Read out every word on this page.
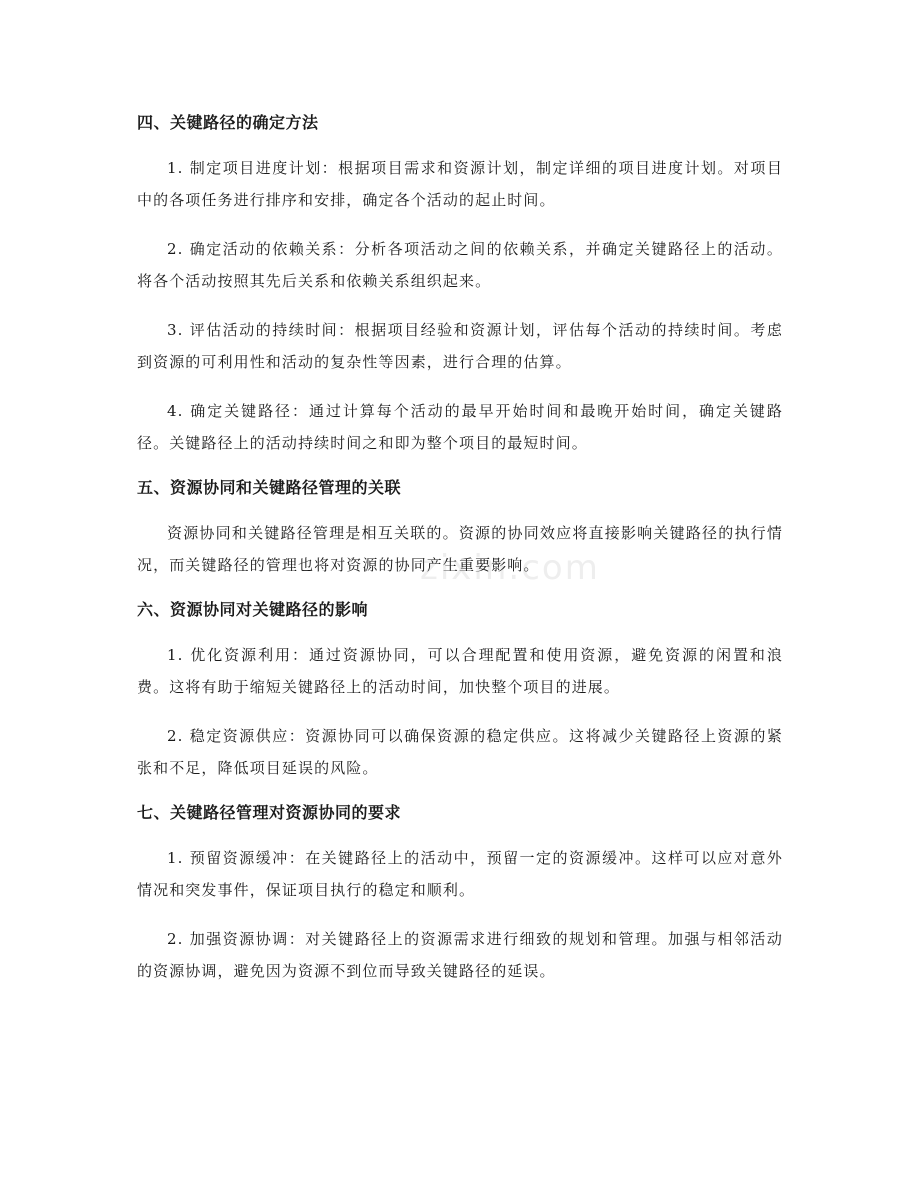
四、关键路径的确定方法

1. 制定项目进度计划：根据项目需求和资源计划，制定详细的项目进度计划。对项目中的各项任务进行排序和安排，确定各个活动的起止时间。

2. 确定活动的依赖关系：分析各项活动之间的依赖关系，并确定关键路径上的活动。将各个活动按照其先后关系和依赖关系组织起来。

3. 评估活动的持续时间：根据项目经验和资源计划，评估每个活动的持续时间。考虑到资源的可利用性和活动的复杂性等因素，进行合理的估算。

4. 确定关键路径：通过计算每个活动的最早开始时间和最晚开始时间，确定关键路径。关键路径上的活动持续时间之和即为整个项目的最短时间。

五、资源协同和关键路径管理的关联

资源协同和关键路径管理是相互关联的。资源的协同效应将直接影响关键路径的执行情况，而关键路径的管理也将对资源的协同产生重要影响。

六、资源协同对关键路径的影响

1. 优化资源利用：通过资源协同，可以合理配置和使用资源，避免资源的闲置和浪费。这将有助于缩短关键路径上的活动时间，加快整个项目的进展。

2. 稳定资源供应：资源协同可以确保资源的稳定供应。这将减少关键路径上资源的紧张和不足，降低项目延误的风险。

七、关键路径管理对资源协同的要求

1. 预留资源缓冲：在关键路径上的活动中，预留一定的资源缓冲。这样可以应对意外情况和突发事件，保证项目执行的稳定和顺利。

2. 加强资源协调：对关键路径上的资源需求进行细致的规划和管理。加强与相邻活动的资源协调，避免因为资源不到位而导致关键路径的延误。

zixin.com
